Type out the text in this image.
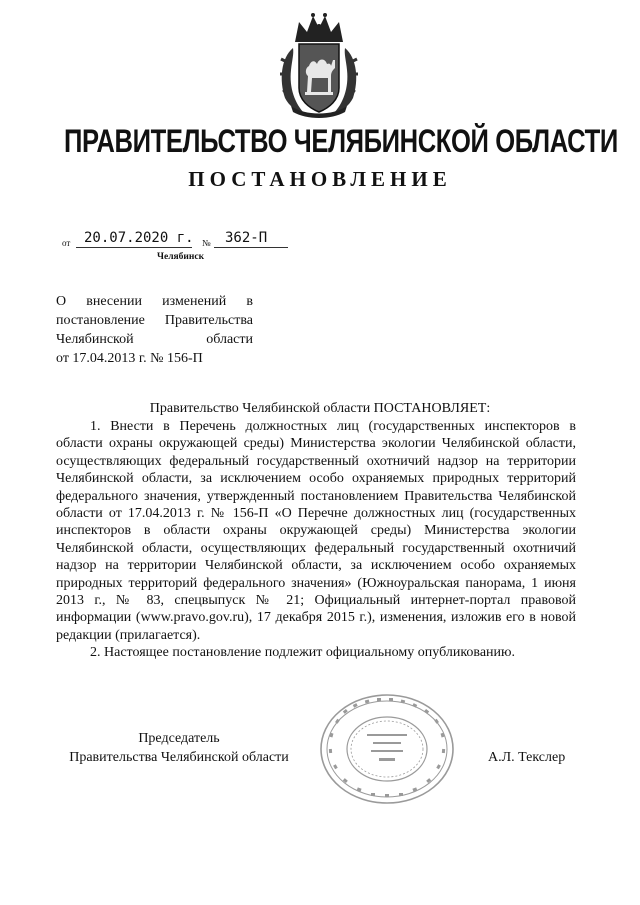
ПРАВИТЕЛЬСТВО ЧЕЛЯБИНСКОЙ ОБЛАСТИ
ПОСТАНОВЛЕНИЕ
от 20.07.2020 г. № 362-П
Челябинск
О внесении изменений в
постановление Правительства
Челябинской	области
от 17.04.2013 г. № 156-П
Правительство Челябинской области ПОСТАНОВЛЯЕТ:

1. Внести в Перечень должностных лиц (государственных инспекторов в области охраны окружающей среды) Министерства экологии Челябинской области, осуществляющих федеральный государственный охотничий надзор на территории Челябинской области, за исключением особо охраняемых природных территорий федерального значения, утвержденный постановлением Правительства Челябинской области от 17.04.2013 г. № 156-П «О Перечне должностных лиц (государственных инспекторов в области охраны окружающей среды) Министерства экологии Челябинской области, осуществляющих федеральный государственный охотничий надзор на территории Челябинской области, за исключением особо охраняемых природных территорий федерального значения» (Южноуральская панорама, 1 июня 2013 г., № 83, спецвыпуск № 21; Официальный интернет-портал правовой информации (www.pravo.gov.ru), 17 декабря 2015 г.), изменения, изложив его в новой редакции (прилагается).

2. Настоящее постановление подлежит официальному опубликованию.

Председатель
Правительства Челябинской области	А.Л. Текслер
